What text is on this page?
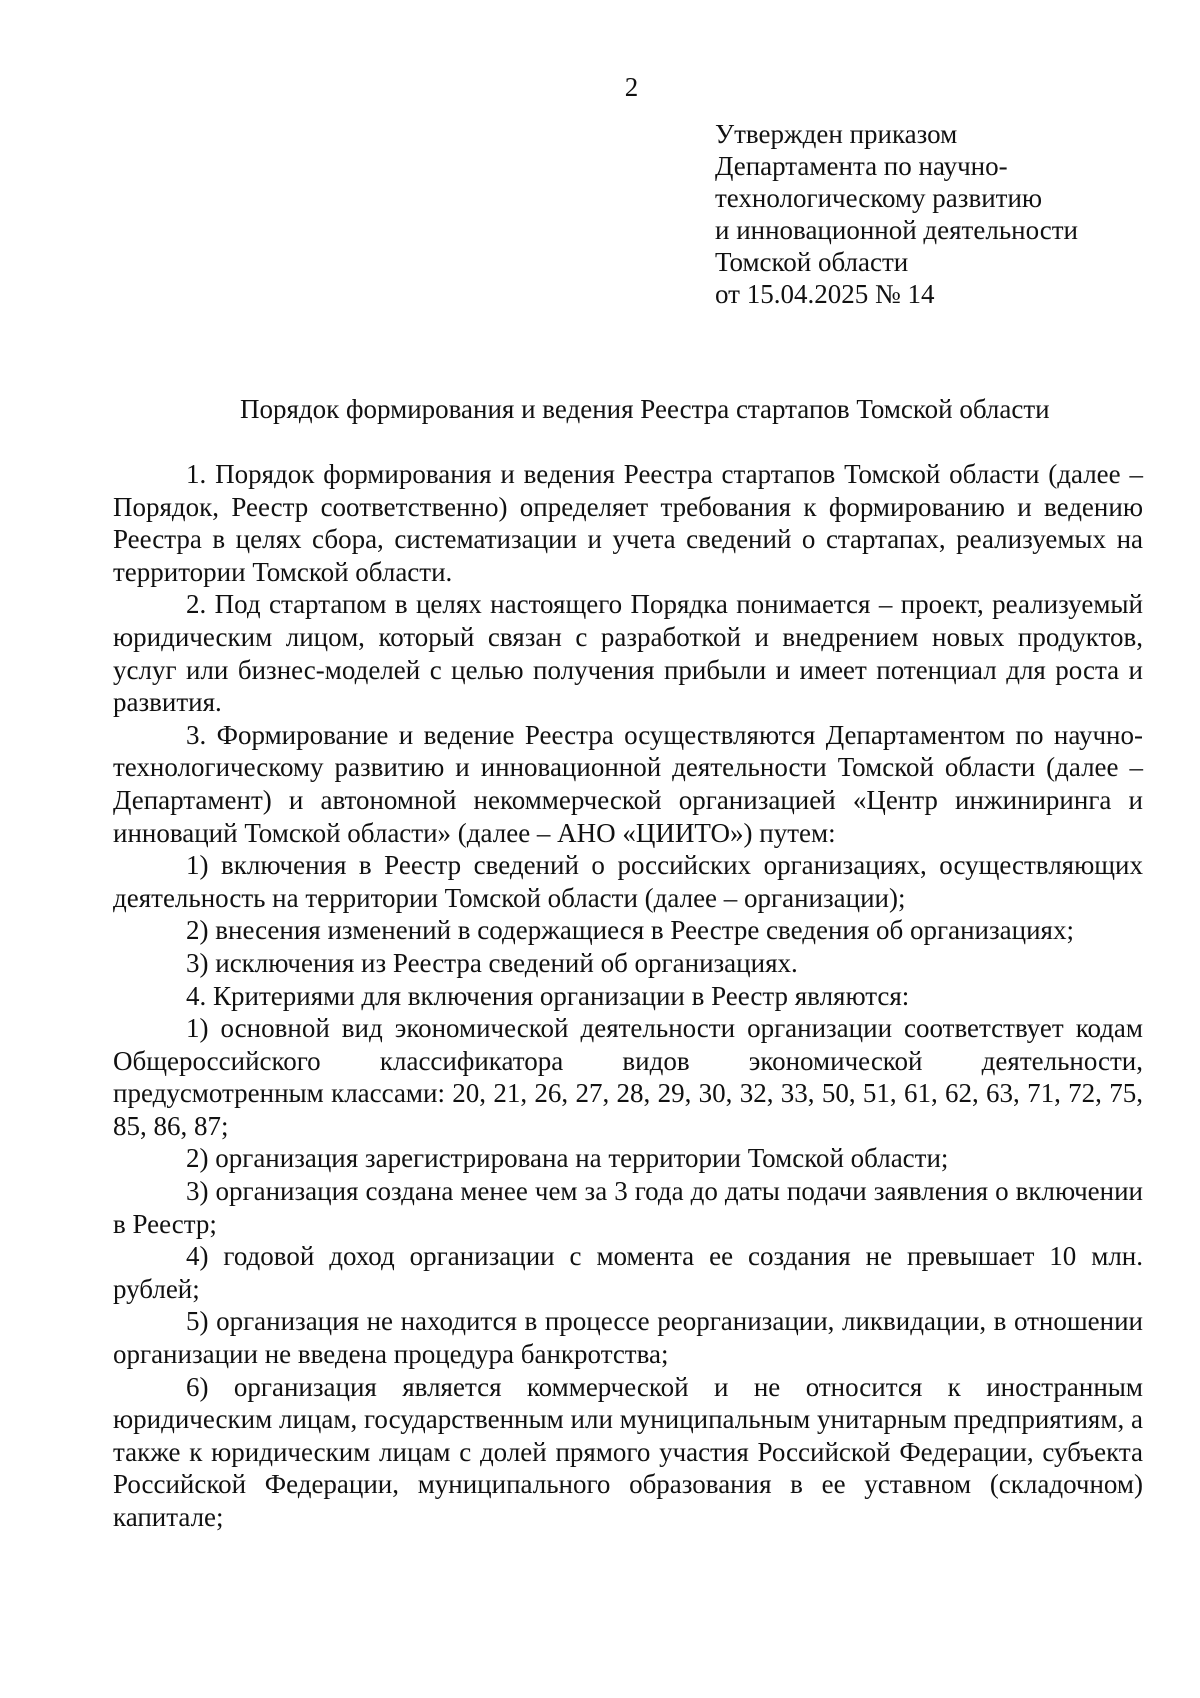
2
Утвержден приказом
Департамента по научно-
технологическому развитию
и инновационной деятельности
Томской области
от 15.04.2025 № 14
Порядок формирования и ведения Реестра стартапов Томской области

1. Порядок формирования и ведения Реестра стартапов Томской области (далее – Порядок, Реестр соответственно) определяет требования к формированию и ведению Реестра в целях сбора, систематизации и учета сведений о стартапах, реализуемых на территории Томской области.

2. Под стартапом в целях настоящего Порядка понимается – проект, реализуемый юридическим лицом, который связан с разработкой и внедрением новых продуктов, услуг или бизнес-моделей с целью получения прибыли и имеет потенциал для роста и развития.

3. Формирование и ведение Реестра осуществляются Департаментом по научно-технологическому развитию и инновационной деятельности Томской области (далее – Департамент) и автономной некоммерческой организацией «Центр инжиниринга и инноваций Томской области» (далее – АНО «ЦИИТО») путем:

1) включения в Реестр сведений о российских организациях, осуществляющих деятельность на территории Томской области (далее – организации);

2) внесения изменений в содержащиеся в Реестре сведения об организациях;

3) исключения из Реестра сведений об организациях.

4. Критериями для включения организации в Реестр являются:

1) основной вид экономической деятельности организации соответствует кодам Общероссийского классификатора видов экономической деятельности, предусмотренным классами: 20, 21, 26, 27, 28, 29, 30, 32, 33, 50, 51, 61, 62, 63, 71, 72, 75, 85, 86, 87;

2) организация зарегистрирована на территории Томской области;

3) организация создана менее чем за 3 года до даты подачи заявления о включении в Реестр;

4) годовой доход организации с момента ее создания не превышает 10 млн. рублей;

5) организация не находится в процессе реорганизации, ликвидации, в отношении организации не введена процедура банкротства;

6) организация является коммерческой и не относится к иностранным юридическим лицам, государственным или муниципальным унитарным предприятиям, а также к юридическим лицам с долей прямого участия Российской Федерации, субъекта Российской Федерации, муниципального образования в ее уставном (складочном) капитале;
